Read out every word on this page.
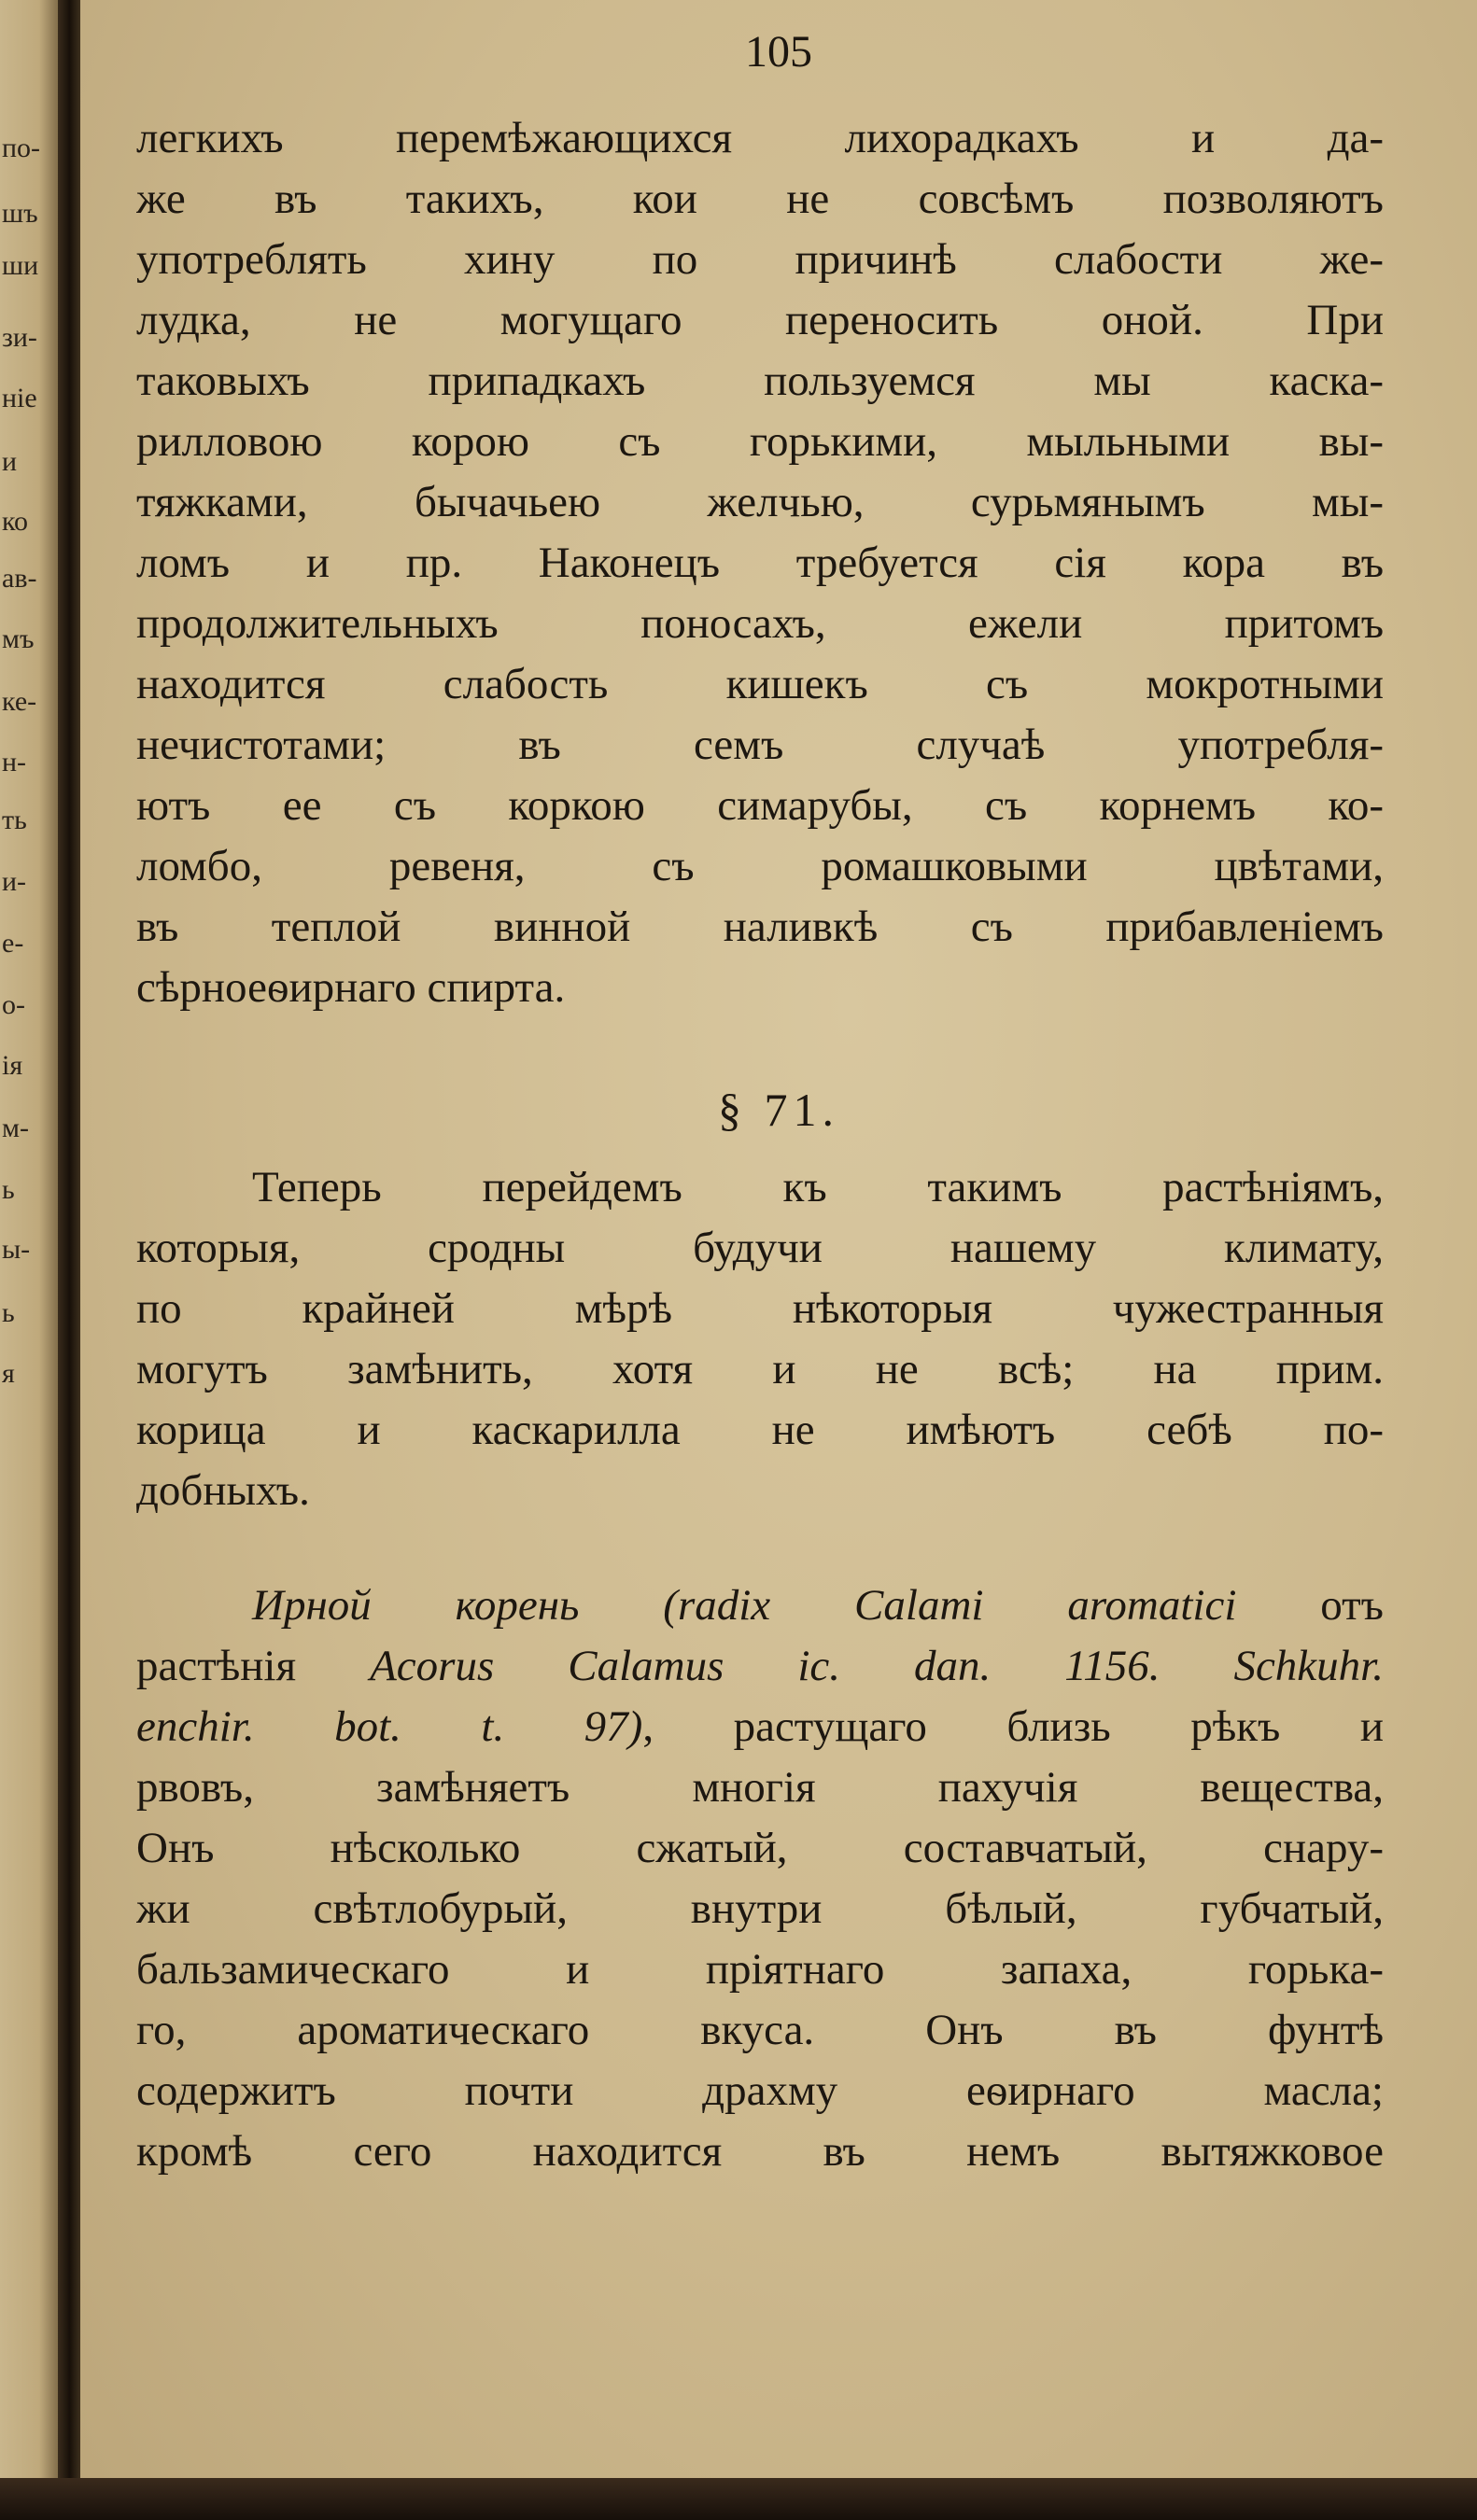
по-
шъ
ши
зи-
ніе
и
ко
ав-
мъ
ке-
н-
ть
и-
е-
о-
ія
м-
ь
ы-
ь
я
105
легкихъ перемѣжающихся лихорадкахъ и да-
же въ такихъ, кои не совсѣмъ позволяютъ
употреблять хину по причинѣ слабости же-
лудка, не могущаго переносить оной. При
таковыхъ припадкахъ пользуемся мы каска-
рилловою корою съ горькими, мыльными вы-
тяжками, бычачьею желчью, сурьмянымъ мы-
ломъ и пр. Наконецъ требуется сія кора въ
продолжительныхъ поносахъ, ежели притомъ
находится слабость кишекъ съ мокротными
нечистотами; въ семъ случаѣ употребля-
ютъ ее съ коркою симарубы, съ корнемъ ко-
ломбо, ревеня, съ ромашковыми цвѣтами,
въ теплой винной наливкѣ съ прибавленіемъ
сѣрноеѳирнаго спирта.
§ 71.
Теперь перейдемъ къ такимъ растѣніямъ,
которыя, сродны будучи нашему климату,
по крайней мѣрѣ нѣкоторыя чужестранныя
могутъ замѣнить, хотя и не всѣ; на прим.
корица и каскарилла не имѣютъ себѣ по-
добныхъ.
Ирной корень (radix Calami aromatici отъ
растѣнія Acorus Calamus ic. dan. 1156. Schkuhr.
enchir. bot. t. 97), растущаго близь рѣкъ и
рвовъ, замѣняетъ многія пахучія вещества,
Онъ нѣсколько сжатый, составчатый, снару-
жи свѣтлобурый, внутри бѣлый, губчатый,
бальзамическаго и пріятнаго запаха, горька-
го, ароматическаго вкуса. Онъ въ фунтѣ
содержитъ почти драхму еѳирнаго масла;
кромѣ сего находится въ немъ вытяжковое
